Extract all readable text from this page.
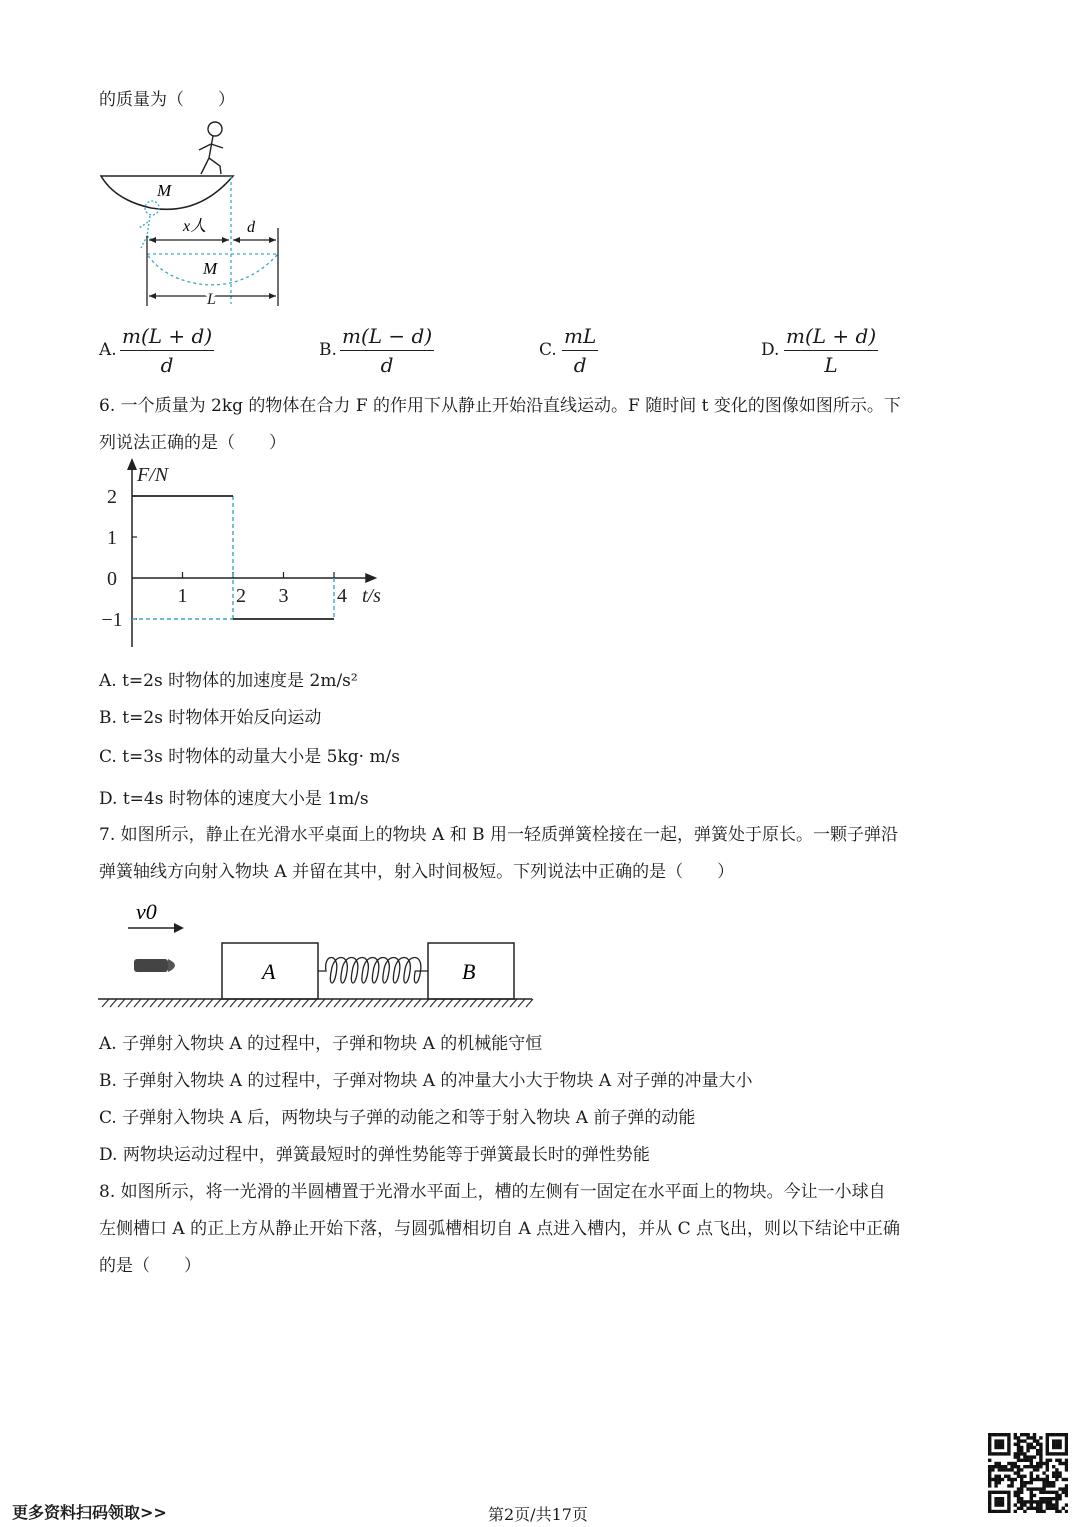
的质量为（　　）
M
M
x人	d
L
A. $\frac{m(L + d)}{d}$	B. $\frac{m(L - d)}{d}$	C. $\frac{mL}{d}$	D. $\frac{m(L + d)}{L}$
6. 一个质量为 2kg 的物体在合力 F 的作用下从静止开始沿直线运动。F 随时间 t 变化的图像如图所示。下
列说法正确的是（　　）
F/N
t/s
2
1
0
−1
1 2 3 4
A. t=2s 时物体的加速度是 2m/s²
B. t=2s 时物体开始反向运动
C. t=3s 时物体的动量大小是 5kg· m/s
D. t=4s 时物体的速度大小是 1m/s
7. 如图所示，静止在光滑水平桌面上的物块 A 和 B 用一轻质弹簧栓接在一起，弹簧处于原长。一颗子弹沿
弹簧轴线方向射入物块 A 并留在其中，射入时间极短。下列说法中正确的是（　　）
v0
A	B
A. 子弹射入物块 A 的过程中，子弹和物块 A 的机械能守恒
B. 子弹射入物块 A 的过程中，子弹对物块 A 的冲量大小大于物块 A 对子弹的冲量大小
C. 子弹射入物块 A 后，两物块与子弹的动能之和等于射入物块 A 前子弹的动能
D. 两物块运动过程中，弹簧最短时的弹性势能等于弹簧最长时的弹性势能
8. 如图所示，将一光滑的半圆槽置于光滑水平面上，槽的左侧有一固定在水平面上的物块。今让一小球自
左侧槽口 A 的正上方从静止开始下落，与圆弧槽相切自 A 点进入槽内，并从 C 点飞出，则以下结论中正确
的是（　　）
更多资料扫码领取>>	第2页/共17页
